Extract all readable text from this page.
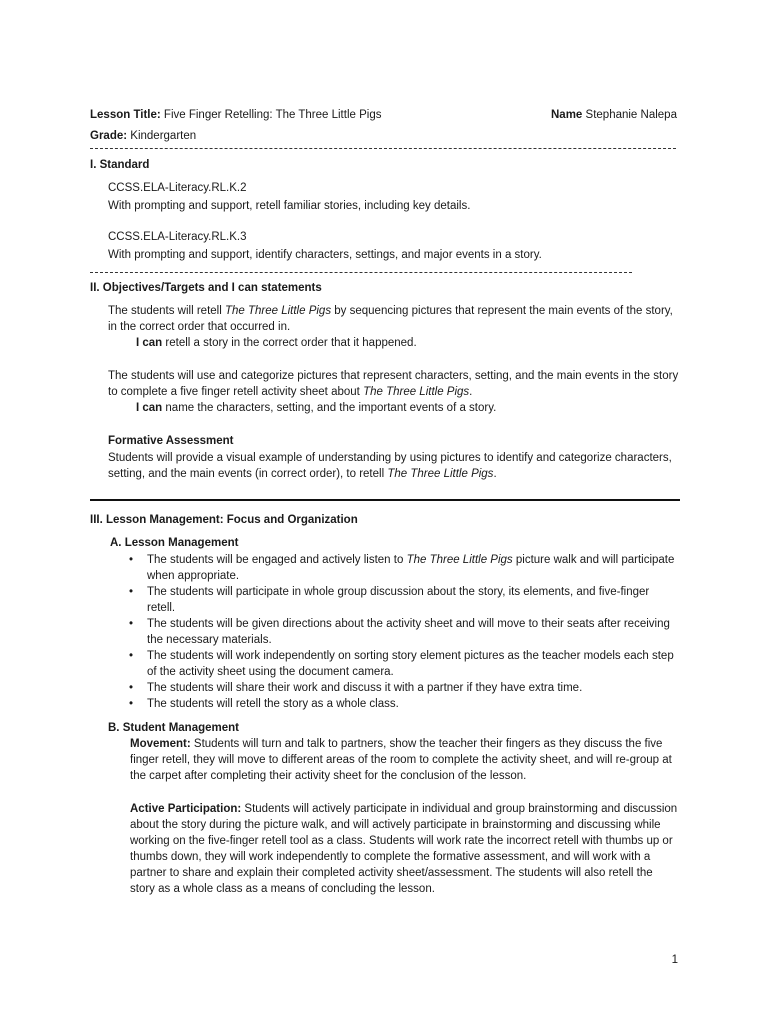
Lesson Title: Five Finger Retelling: The Three Little Pigs	Name Stephanie Nalepa
Grade: Kindergarten
I. Standard
CCSS.ELA-Literacy.RL.K.2
With prompting and support, retell familiar stories, including key details.
CCSS.ELA-Literacy.RL.K.3
With prompting and support, identify characters, settings, and major events in a story.
II. Objectives/Targets and I can statements
The students will retell The Three Little Pigs by sequencing pictures that represent the main events of the story, in the correct order that occurred in.
I can retell a story in the correct order that it happened.
The students will use and categorize pictures that represent characters, setting, and the main events in the story to complete a five finger retell activity sheet about The Three Little Pigs.
I can name the characters, setting, and the important events of a story.
Formative Assessment
Students will provide a visual example of understanding by using pictures to identify and categorize characters, setting, and the main events (in correct order), to retell The Three Little Pigs.
III. Lesson Management: Focus and Organization
A. Lesson Management
• The students will be engaged and actively listen to The Three Little Pigs picture walk and will participate when appropriate.
• The students will participate in whole group discussion about the story, its elements, and five-finger retell.
• The students will be given directions about the activity sheet and will move to their seats after receiving the necessary materials.
• The students will work independently on sorting story element pictures as the teacher models each step of the activity sheet using the document camera.
• The students will share their work and discuss it with a partner if they have extra time.
• The students will retell the story as a whole class.
B. Student Management
Movement: Students will turn and talk to partners, show the teacher their fingers as they discuss the five finger retell, they will move to different areas of the room to complete the activity sheet, and will re-group at the carpet after completing their activity sheet for the conclusion of the lesson.
Active Participation: Students will actively participate in individual and group brainstorming and discussion about the story during the picture walk, and will actively participate in brainstorming and discussing while working on the five-finger retell tool as a class. Students will work rate the incorrect retell with thumbs up or thumbs down, they will work independently to complete the formative assessment, and will work with a partner to share and explain their completed activity sheet/assessment. The students will also retell the story as a whole class as a means of concluding the lesson.
1
